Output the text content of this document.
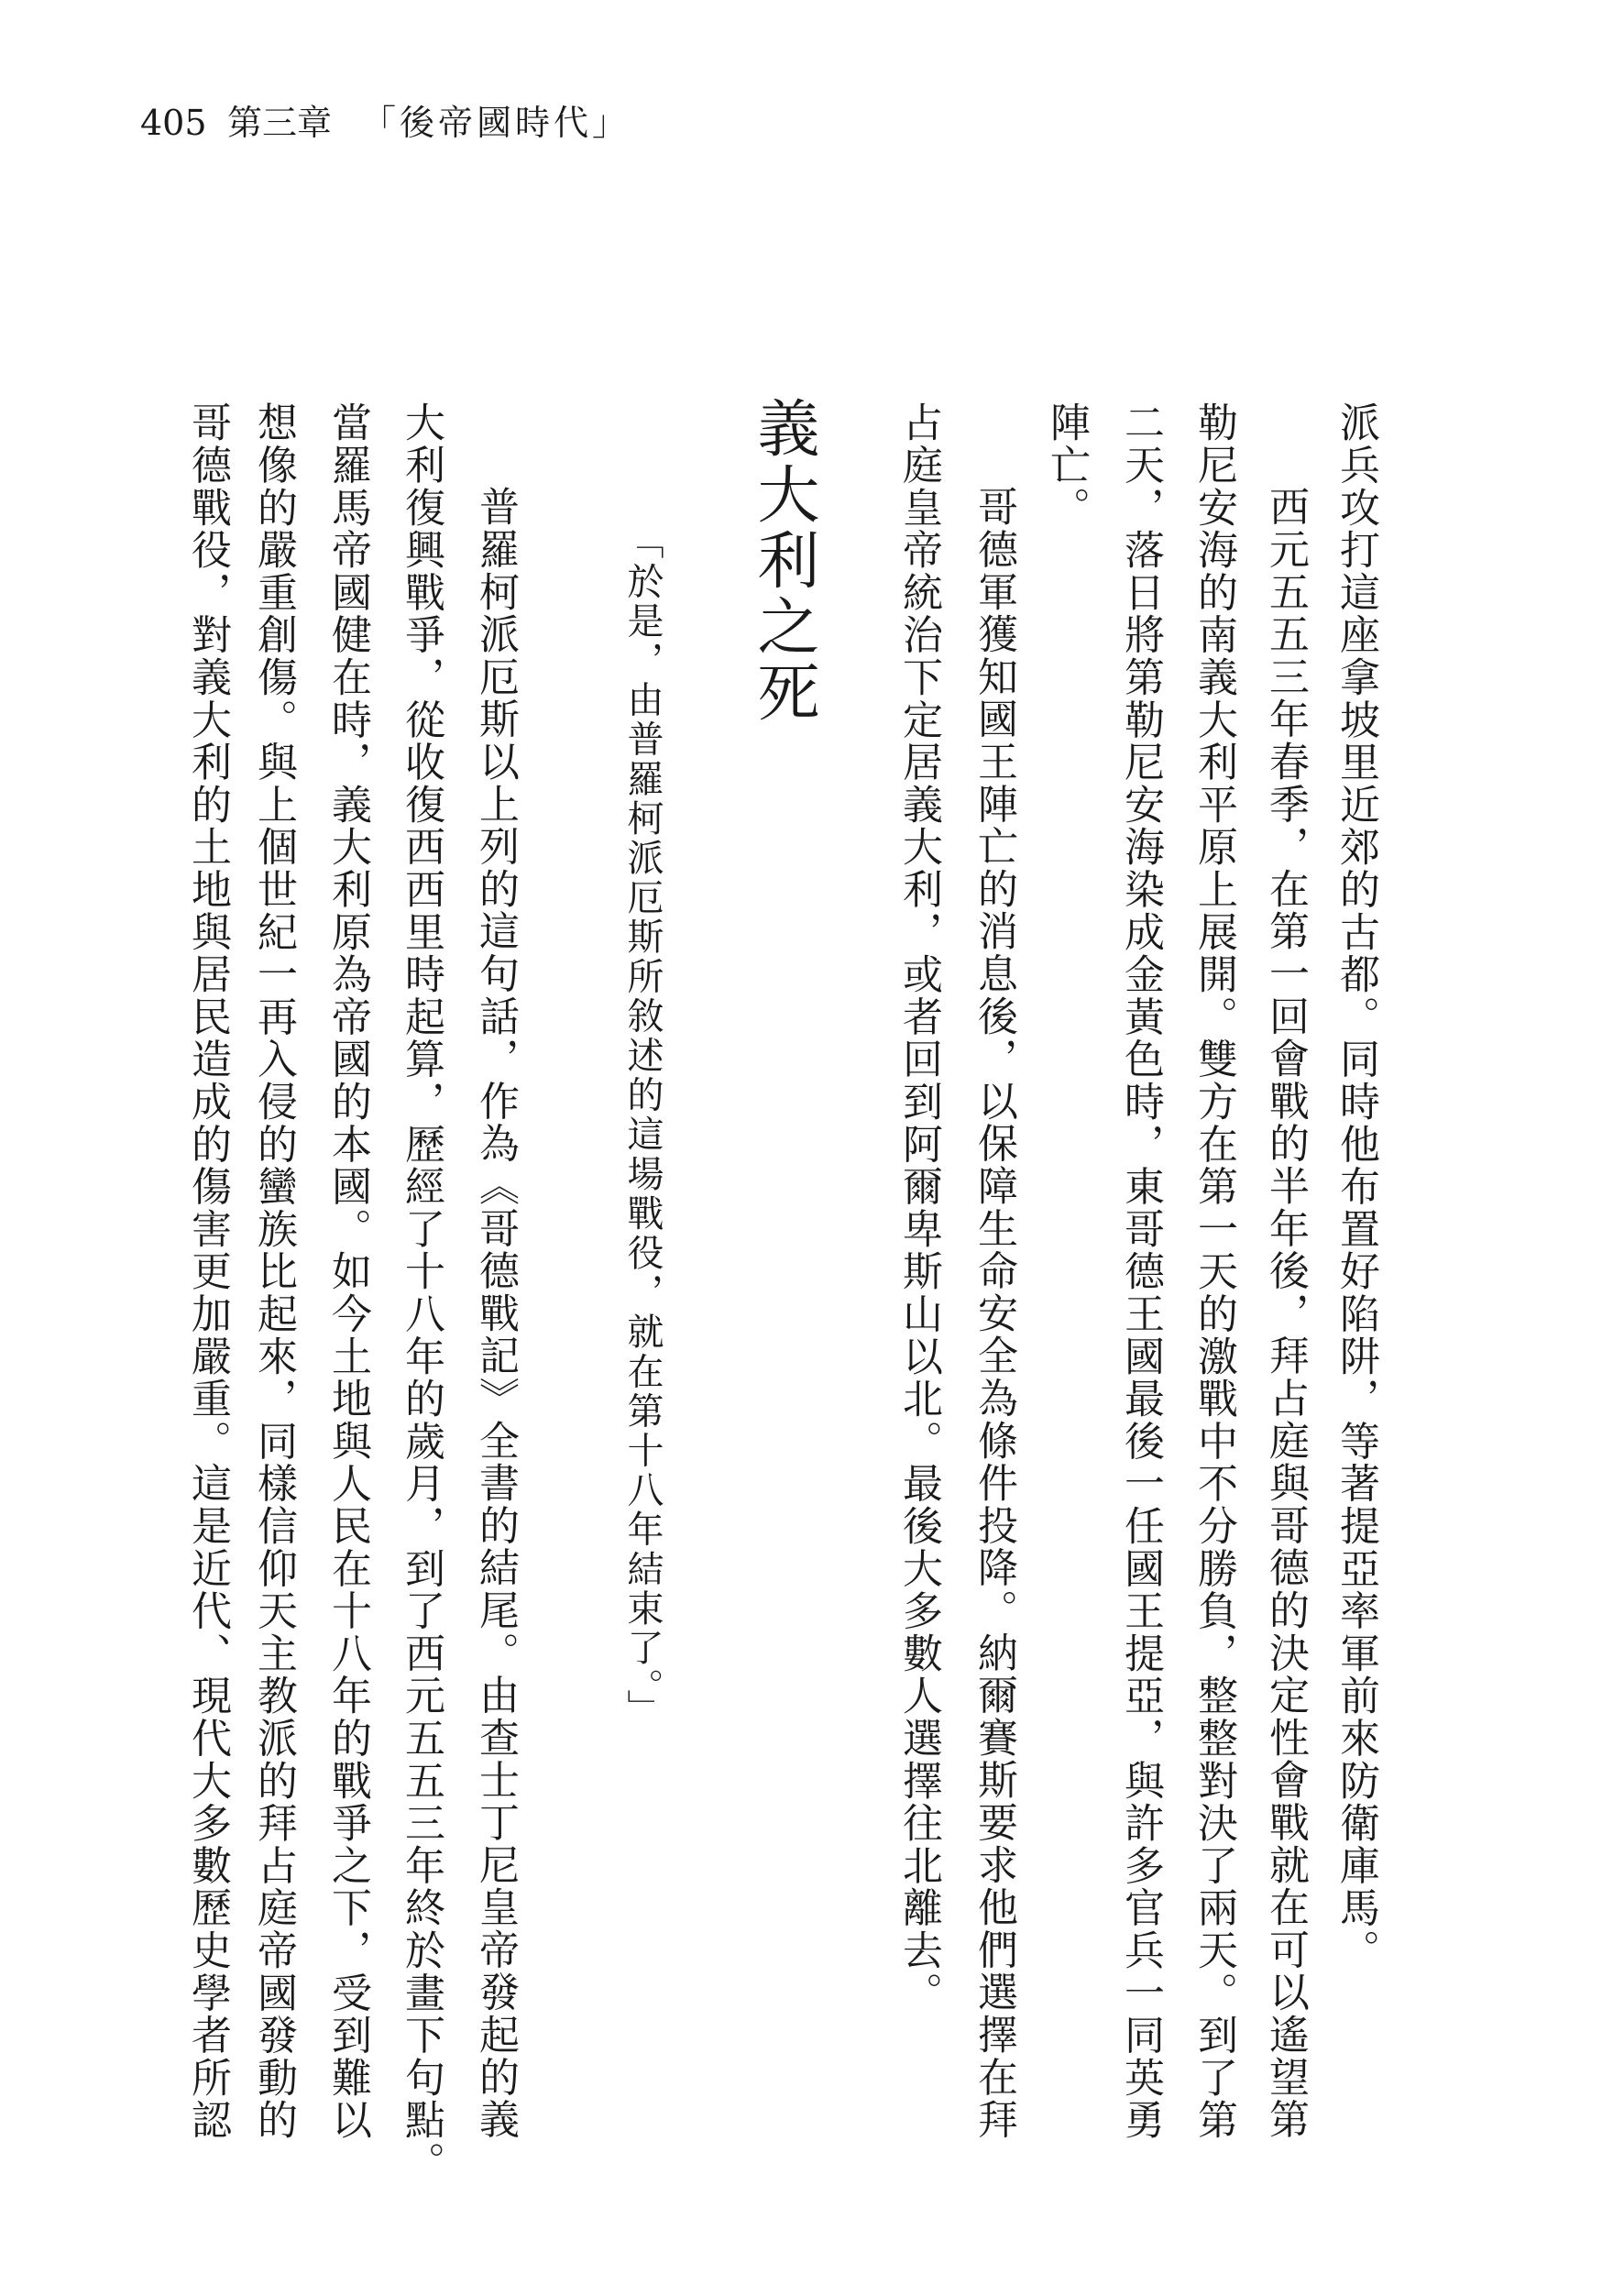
405 第三章 「後帝國時代」
派兵攻打這座拿坡里近郊的古都。同時他布置好陷阱，等著提亞率軍前來防衛庫馬。
西元五五三年春季，在第一回會戰的半年後，拜占庭與哥德的決定性會戰就在可以遙望第
勒尼安海的南義大利平原上展開。雙方在第一天的激戰中不分勝負，整整對決了兩天。到了第
二天，落日將第勒尼安海染成金黃色時，東哥德王國最後一任國王提亞，與許多官兵一同英勇
陣亡。
哥德軍獲知國王陣亡的消息後，以保障生命安全為條件投降。納爾賽斯要求他們選擇在拜
占庭皇帝統治下定居義大利，或者回到阿爾卑斯山以北。最後大多數人選擇往北離去。
義大利之死
「於是，由普羅柯派厄斯所敘述的這場戰役，就在第十八年結束了。」
普羅柯派厄斯以上列的這句話，作為《哥德戰記》全書的結尾。由查士丁尼皇帝發起的義
大利復興戰爭，從收復西西里時起算，歷經了十八年的歲月，到了西元五五三年終於畫下句點。
當羅馬帝國健在時，義大利原為帝國的本國。如今土地與人民在十八年的戰爭之下，受到難以
想像的嚴重創傷。與上個世紀一再入侵的蠻族比起來，同樣信仰天主教派的拜占庭帝國發動的
哥德戰役，對義大利的土地與居民造成的傷害更加嚴重。這是近代、現代大多數歷史學者所認
